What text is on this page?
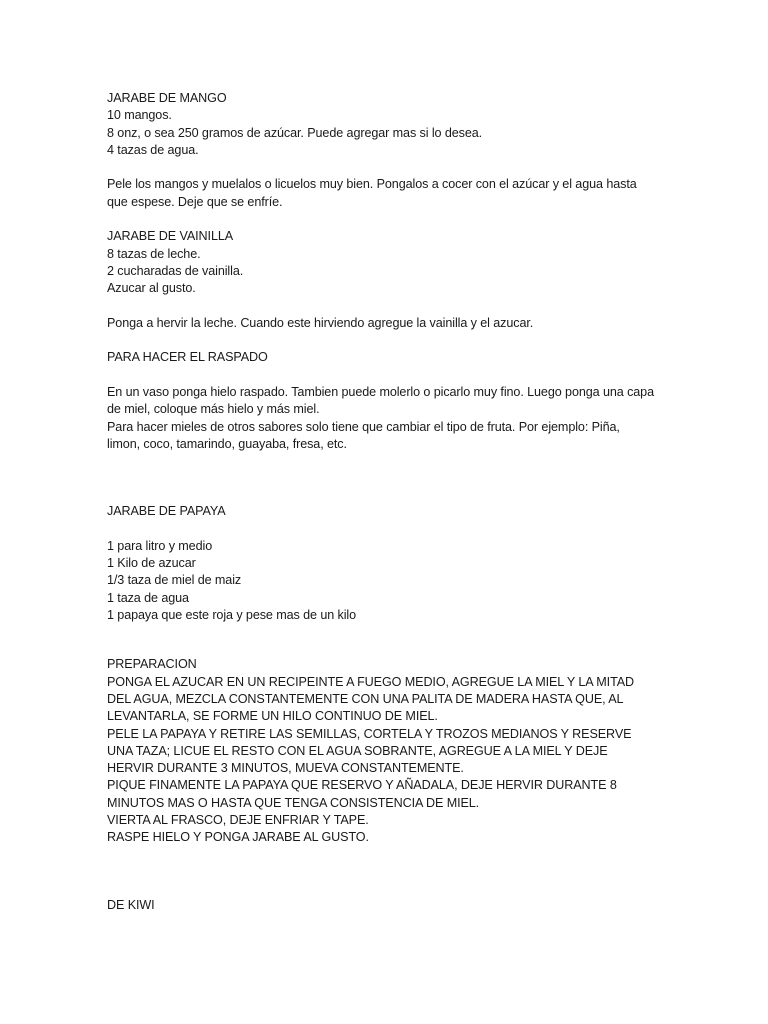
JARABE DE MANGO
10 mangos.
8 onz, o sea 250 gramos de azúcar. Puede agregar mas si lo desea.
4 tazas de agua.
Pele los mangos y muelalos o licuelos muy bien. Pongalos a cocer con el azúcar y el agua hasta
que espese. Deje que se enfríe.
JARABE DE VAINILLA
8 tazas de leche.
2 cucharadas de vainilla.
Azucar al gusto.
Ponga a hervir la leche. Cuando este hirviendo agregue la vainilla y el azucar.
PARA HACER EL RASPADO
En un vaso ponga hielo raspado. Tambien puede molerlo o picarlo muy fino. Luego ponga una capa
de miel, coloque más hielo y más miel.
Para hacer mieles de otros sabores solo tiene que cambiar el tipo de fruta. Por ejemplo: Piña,
limon, coco, tamarindo, guayaba, fresa, etc.
JARABE DE PAPAYA
1 para litro y medio
1 Kilo de azucar
1/3 taza de miel de maiz
1 taza de agua
1 papaya que este roja y pese mas de un kilo
PREPARACION
PONGA EL AZUCAR EN UN RECIPEINTE A FUEGO MEDIO, AGREGUE LA MIEL Y LA MITAD
DEL AGUA, MEZCLA CONSTANTEMENTE CON UNA PALITA DE MADERA HASTA QUE, AL
LEVANTARLA, SE FORME UN HILO CONTINUO DE MIEL.
PELE LA PAPAYA Y RETIRE LAS SEMILLAS, CORTELA Y TROZOS MEDIANOS Y RESERVE
UNA TAZA; LICUE EL RESTO CON EL AGUA SOBRANTE, AGREGUE A LA MIEL Y DEJE
HERVIR DURANTE 3 MINUTOS, MUEVA CONSTANTEMENTE.
PIQUE FINAMENTE LA PAPAYA QUE RESERVO Y AÑADALA, DEJE HERVIR DURANTE 8
MINUTOS MAS O HASTA QUE TENGA CONSISTENCIA DE MIEL.
VIERTA AL FRASCO, DEJE ENFRIAR Y TAPE.
RASPE HIELO Y PONGA JARABE AL GUSTO.
DE KIWI
